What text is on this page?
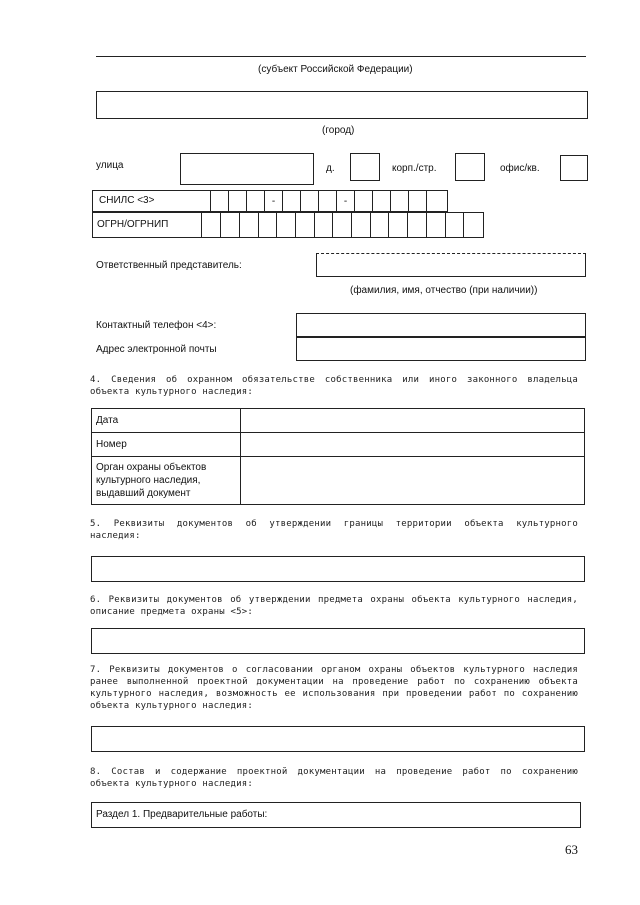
(субъект Российской Федерации)
(город)
улица	д.	корп./стр.	офис/кв.
СНИЛС <3>	-	-
ОГРН/ОГРНИП
Ответственный представитель:
(фамилия, имя, отчество (при наличии))
Контактный телефон <4>:
Адрес электронной почты
4. Сведения об охранном обязательстве собственника или иного законного владельца объекта культурного наследия:
Дата	
Номер	
Орган охраны объектов культурного наследия, выдавший документ	
5. Реквизиты документов об утверждении границы территории объекта культурного наследия:
6. Реквизиты документов об утверждении предмета охраны объекта культурного наследия, описание предмета охраны <5>:
7. Реквизиты документов о согласовании органом охраны объектов культурного наследия ранее выполненной проектной документации на проведение работ по сохранению объекта культурного наследия, возможность ее использования при проведении работ по сохранению объекта культурного наследия:
8. Состав и содержание проектной документации на проведение работ по сохранению объекта культурного наследия:
Раздел 1. Предварительные работы:
63
